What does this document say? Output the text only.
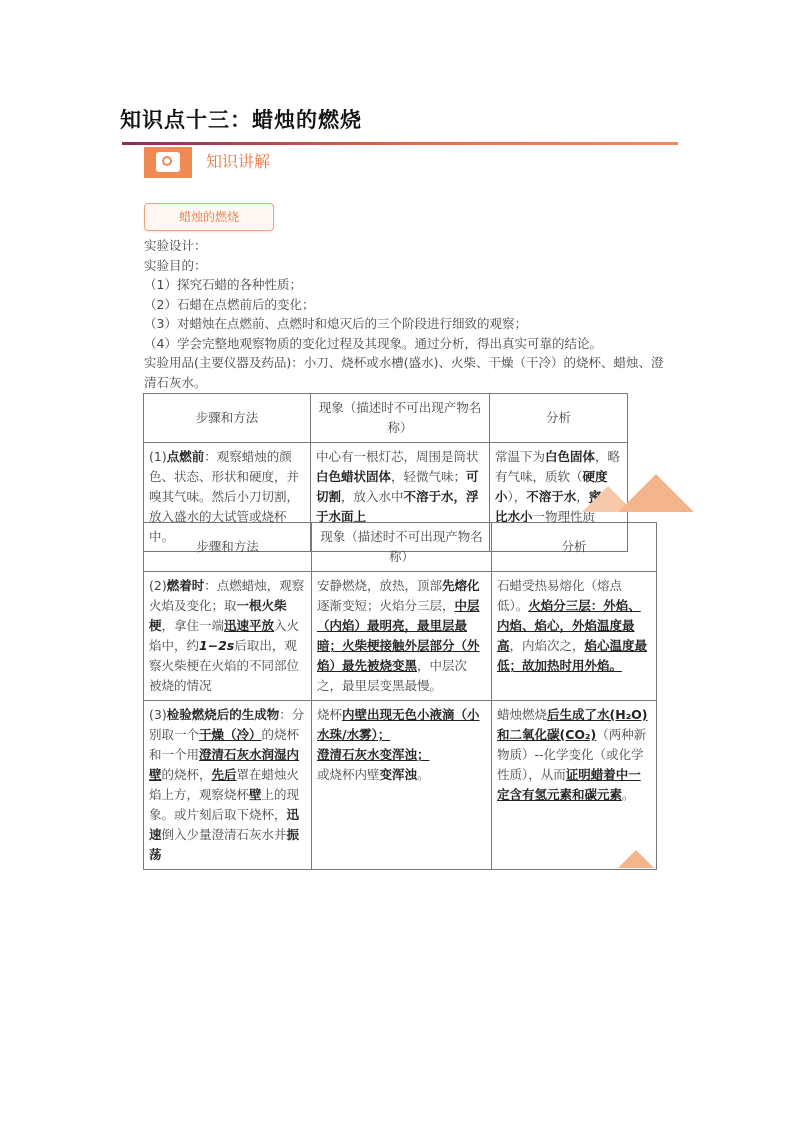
知识点十三：蜡烛的燃烧
知识讲解
蜡烛的燃烧

实验设计：

实验目的：

（1）探究石蜡的各种性质；

（2）石蜡在点燃前后的变化；

（3）对蜡烛在点燃前、点燃时和熄灭后的三个阶段进行细致的观察；

（4）学会完整地观察物质的变化过程及其现象。通过分析，得出真实可靠的结论。

实验用品(主要仪器及药品)：小刀、烧杯或水槽(盛水)、火柴、干燥（干冷）的烧杯、蜡烛、澄清石灰水。

步骤和方法	现象（描述时不可出现产物名称）	分析
(1)点燃前：观察蜡烛的颜色、状态、形状和硬度，并嗅其气味。然后小刀切割，放入盛水的大试管或烧杯中。	中心有一根灯芯，周围是筒状白色蜡状固体，轻微气味；可切割，放入水中不溶于水，浮于水面上	常温下为白色固体，略有气味，质软（硬度小），不溶于水，密度比水小一物理性质
步骤和方法	现象（描述时不可出现产物名称）	分析
(2)燃着时：点燃蜡烛，观察火焰及变化；取一根火柴梗，拿住一端迅速平放入火焰中，约1−2s后取出，观察火柴梗在火焰的不同部位被烧的情况	安静燃烧，放热，顶部先熔化逐渐变短；火焰分三层，中层（内焰）最明亮，最里层最暗；火柴梗接触外层部分（外焰）最先被烧变黑，中层次之，最里层变黑最慢。	石蜡受热易熔化（熔点低）。火焰分三层：外焰、内焰、焰心，外焰温度最高，内焰次之，焰心温度最低；故加热时用外焰。
(3)检验燃烧后的生成物：分别取一个干燥（冷）的烧杯和一个用澄清石灰水润湿内壁的烧杯，先后罩在蜡烛火焰上方，观察烧杯壁上的现象。或片刻后取下烧杯，迅速倒入少量澄清石灰水并振荡	烧杯内壁出现无色小液滴（小水珠/水雾）；
澄清石灰水变浑浊；
或烧杯内壁变浑浊。	蜡烛燃烧后生成了水(H₂O)和二氧化碳(CO₂)（两种新物质）--化学变化（或化学性质），从而证明蜡着中一定含有氢元素和碳元素。
